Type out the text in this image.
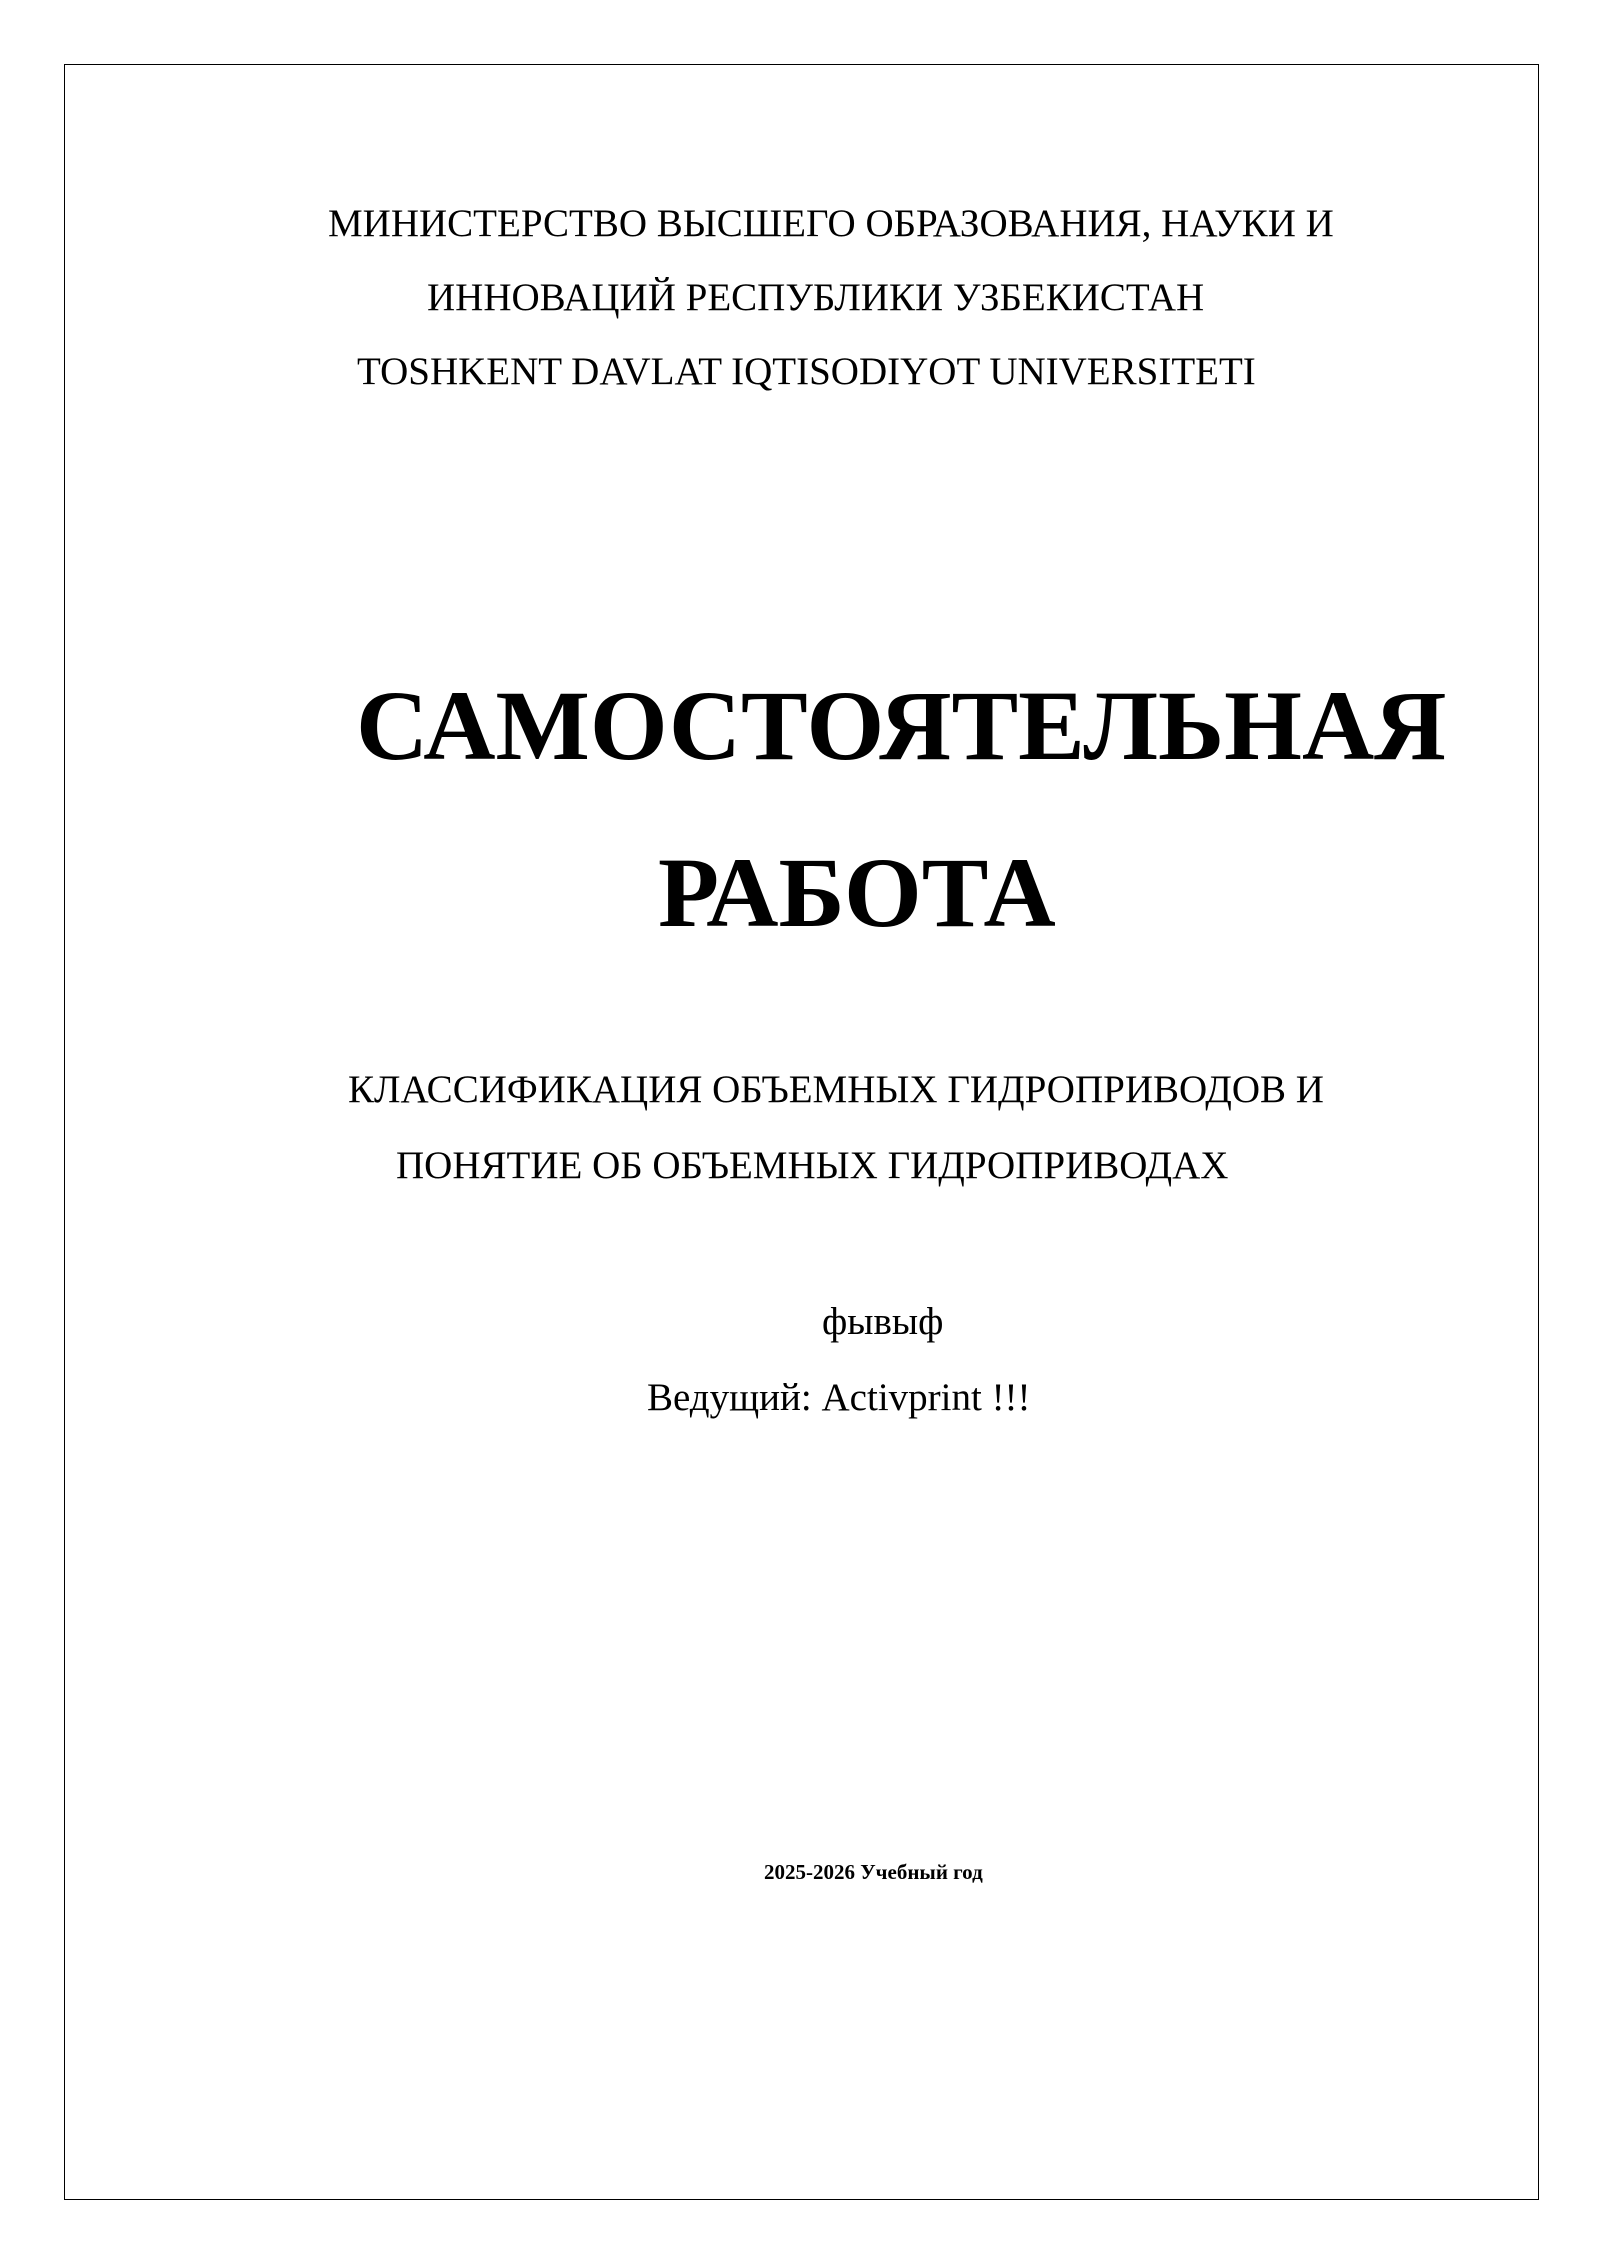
МИНИСТЕРСТВО ВЫСШЕГО ОБРАЗОВАНИЯ, НАУКИ И
ИННОВАЦИЙ РЕСПУБЛИКИ УЗБЕКИСТАН
TOSHKENT DAVLAT IQTISODIYOT UNIVERSITETI
САМОСТОЯТЕЛЬНАЯ
РАБОТА
КЛАССИФИКАЦИЯ ОБЪЕМНЫХ ГИДРОПРИВОДОВ И
ПОНЯТИЕ ОБ ОБЪЕМНЫХ ГИДРОПРИВОДАХ
фывыф
Ведущий: Activprint !!!
2025-2026 Учебный год
